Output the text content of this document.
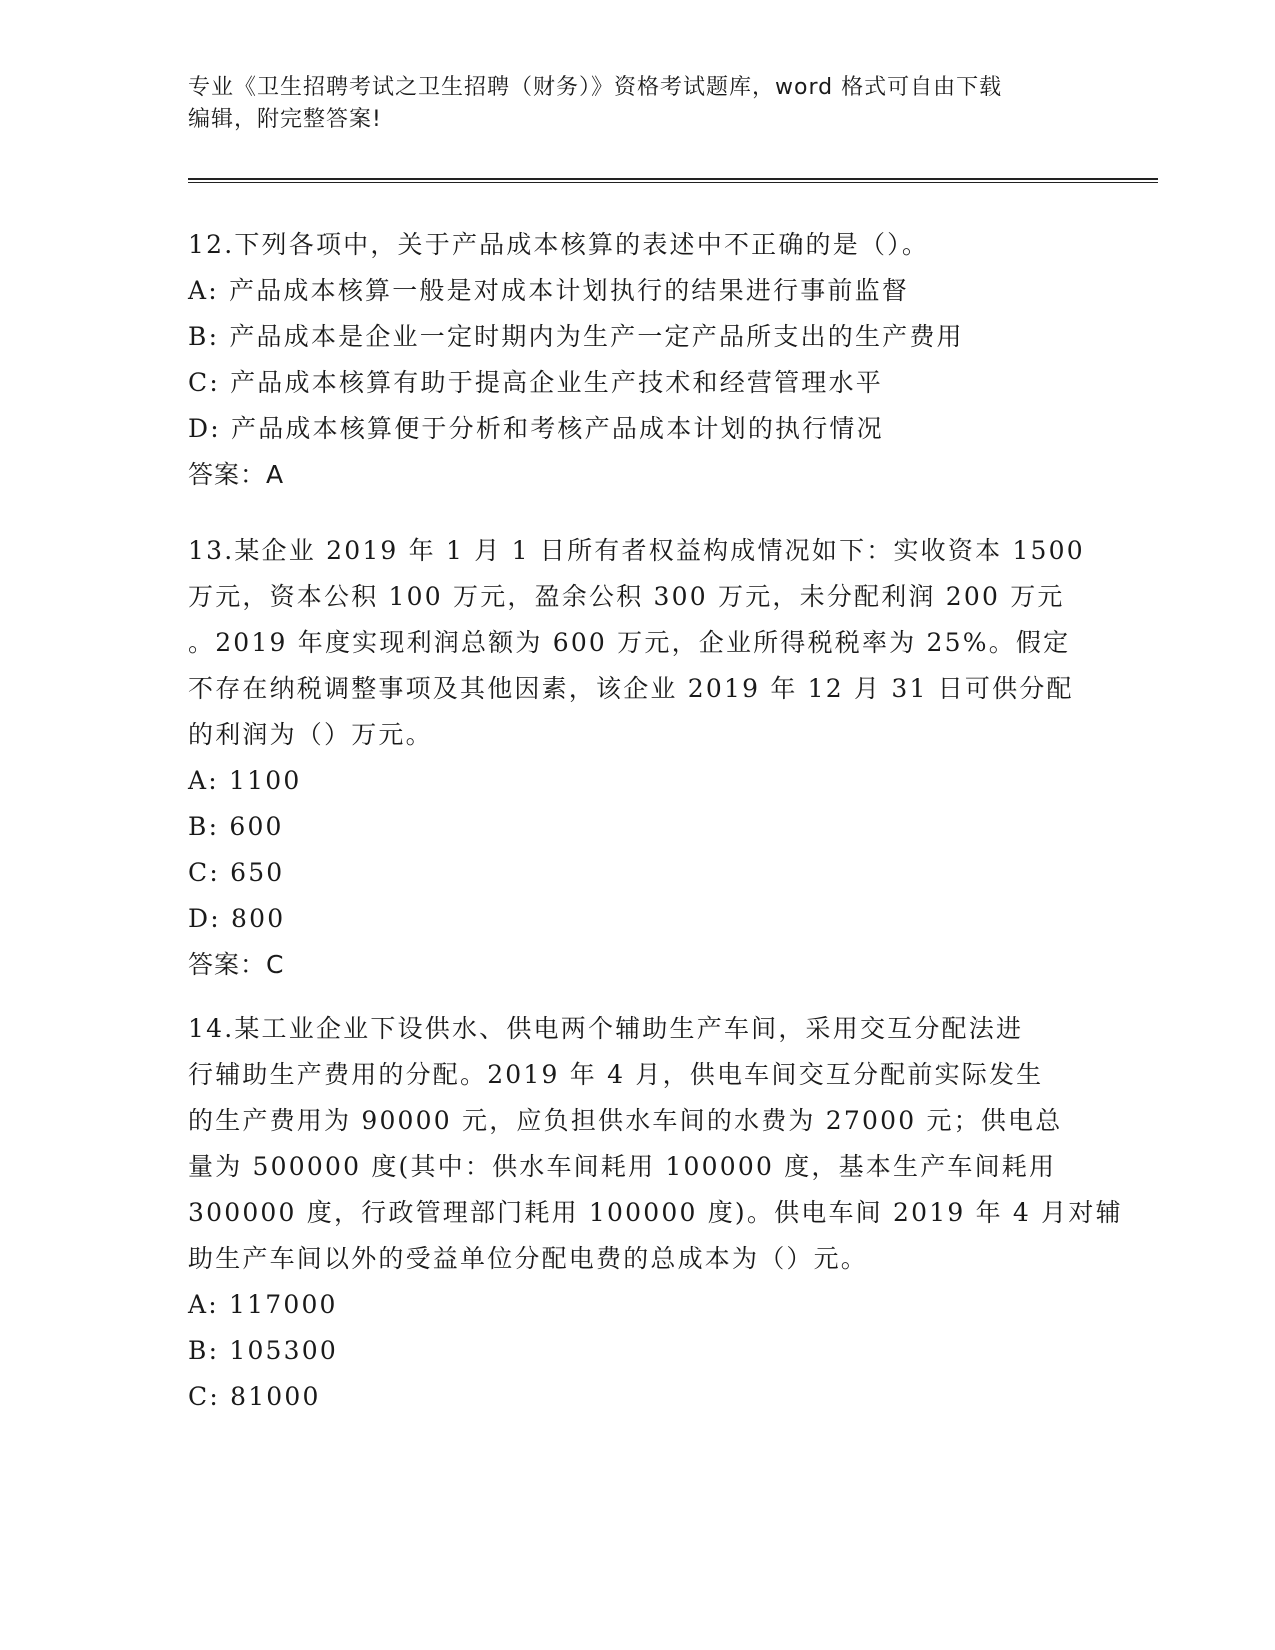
专业《卫生招聘考试之卫生招聘（财务）》资格考试题库，word 格式可自由下载
编辑，附完整答案!
12.下列各项中，关于产品成本核算的表述中不正确的是（）。
A: 产品成本核算一般是对成本计划执行的结果进行事前监督
B: 产品成本是企业一定时期内为生产一定产品所支出的生产费用
C: 产品成本核算有助于提高企业生产技术和经营管理水平
D: 产品成本核算便于分析和考核产品成本计划的执行情况
答案：A
13.某企业 2019 年 1 月 1 日所有者权益构成情况如下：实收资本 1500
万元，资本公积 100 万元，盈余公积 300 万元，未分配利润 200 万元
。2019 年度实现利润总额为 600 万元，企业所得税税率为 25%。假定
不存在纳税调整事项及其他因素，该企业 2019 年 12 月 31 日可供分配
的利润为（）万元。
A: 1100
B: 600
C: 650
D: 800
答案：C
14.某工业企业下设供水、供电两个辅助生产车间，采用交互分配法进
行辅助生产费用的分配。2019 年 4 月，供电车间交互分配前实际发生
的生产费用为 90000 元，应负担供水车间的水费为 27000 元；供电总
量为 500000 度(其中：供水车间耗用 100000 度，基本生产车间耗用
300000 度，行政管理部门耗用 100000 度)。供电车间 2019 年 4 月对辅
助生产车间以外的受益单位分配电费的总成本为（）元。
A: 117000
B: 105300
C: 81000
